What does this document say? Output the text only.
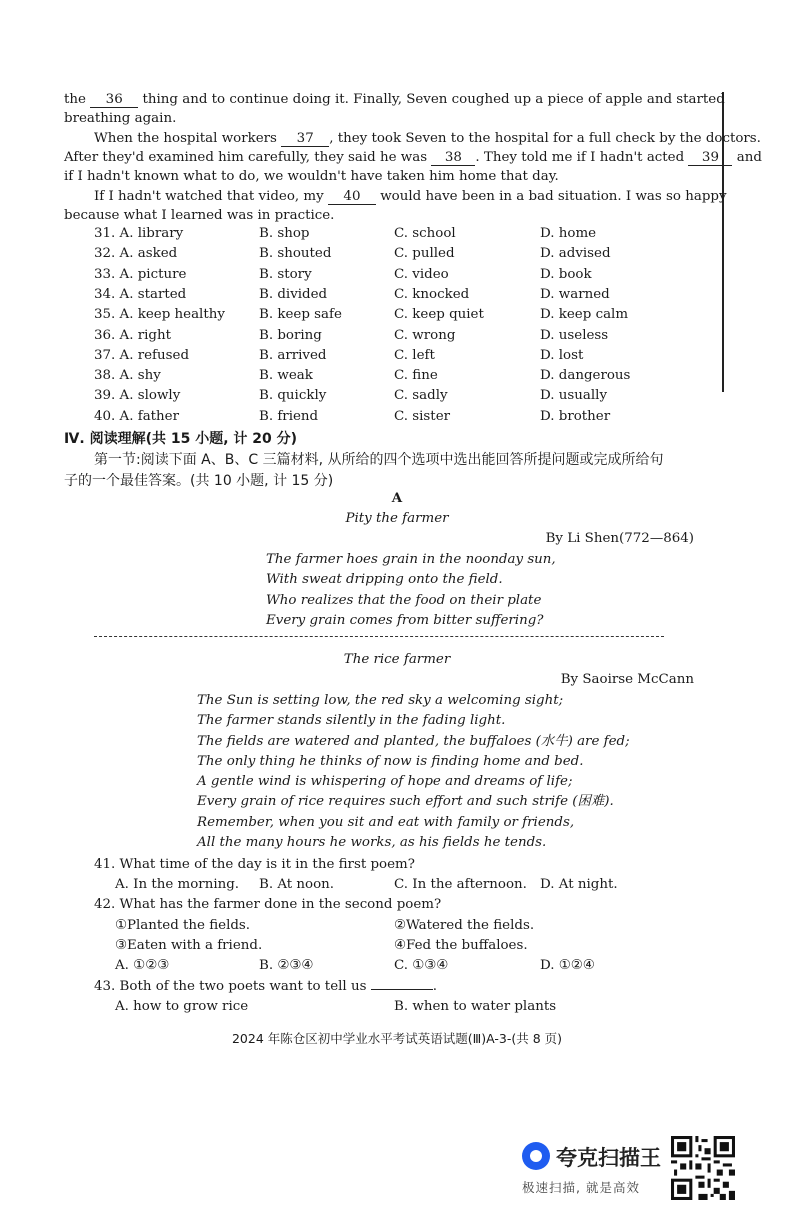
the 36 thing and to continue doing it. Finally, Seven coughed up a piece of apple and started
breathing again.
When the hospital workers 37 , they took Seven to the hospital for a full check by the doctors.
After they'd examined him carefully, they said he was 38 . They told me if I hadn't acted 39 and
if I hadn't known what to do, we wouldn't have taken him home that day.
If I hadn't watched that video, my 40 would have been in a bad situation. I was so happy
because what I learned was in practice.
31. A. library	B. shop	C. school	D. home
32. A. asked	B. shouted	C. pulled	D. advised
33. A. picture	B. story	C. video	D. book
34. A. started	B. divided	C. knocked	D. warned
35. A. keep healthy	B. keep safe	C. keep quiet	D. keep calm
36. A. right	B. boring	C. wrong	D. useless
37. A. refused	B. arrived	C. left	D. lost
38. A. shy	B. weak	C. fine	D. dangerous
39. A. slowly	B. quickly	C. sadly	D. usually
40. A. father	B. friend	C. sister	D. brother
Ⅳ. 阅读理解(共 15 小题, 计 20 分)
第一节:阅读下面 A、B、C 三篇材料, 从所给的四个选项中选出能回答所提问题或完成所给句
子的一个最佳答案。(共 10 小题, 计 15 分)
A
Pity the farmer
By Li Shen(772—864)
The farmer hoes grain in the noonday sun,
With sweat dripping onto the field.
Who realizes that the food on their plate
Every grain comes from bitter suffering?
The rice farmer
By Saoirse McCann
The Sun is setting low, the red sky a welcoming sight;
The farmer stands silently in the fading light.
The fields are watered and planted, the buffaloes (水牛) are fed;
The only thing he thinks of now is finding home and bed.
A gentle wind is whispering of hope and dreams of life;
Every grain of rice requires such effort and such strife (困难).
Remember, when you sit and eat with family or friends,
All the many hours he works, as his fields he tends.
41. What time of the day is it in the first poem?
A. In the morning. B. At noon.	C. In the afternoon. D. At night.
42. What has the farmer done in the second poem?
①Planted the fields.	②Watered the fields.
③Eaten with a friend.	④Fed the buffaloes.
A. ①②③	B. ②③④	C. ①③④	D. ①②④
43. Both of the two poets want to tell us	.
A. how to grow rice	B. when to water plants
2024 年陈仓区初中学业水平考试英语试题(Ⅲ)A-3-(共 8 页)
夸克扫描王
极速扫描, 就是高效
